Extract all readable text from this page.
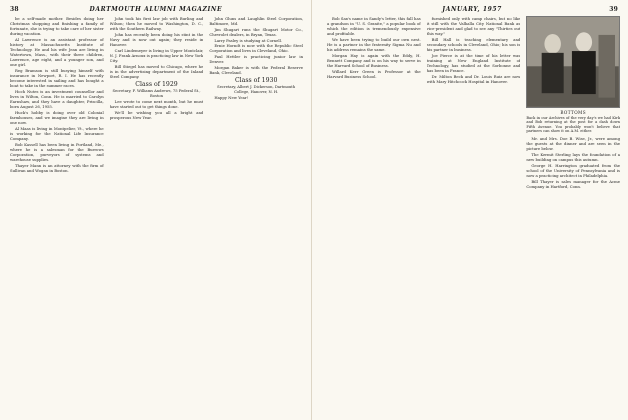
38	DARTMOUTH ALUMNI MAGAZINE

be a self-made mother. Besides doing her Christmas shopping and finishing a family of fortunate, she is trying to take care of her sister during vacation.

Al Lawrence is an assistant professor of history at Massachusetts Institute of Technology. He and his wife Jean are living in Watertown, Mass., with their three children, Lawrence, age eight, and a younger son, and one girl.

Reg Bramson is still busying himself with insurance in Newport, R. I. He has recently become interested in sailing and has bought a boat to take in the summer races.

Hoch Nutes is an investment counsellor and lives in Wilton, Conn. He is married to Carolyn Earnshaw, and they have a daughter, Priscilla, born August 26, 1955.

Huck's hobby is doing over old Colonial farmhouses, and we imagine they are living in one now.

Al Maas is living in Montpelier, Vt., where he is working for the National Life Insurance Company.

Bob Kassell has been living in Portland, Me., where he is a salesman for the Burrows Corporation, purveyors of systems and warehouse supplies.

Thayer Mann is an attorney with the firm of Sullivan and Wogan in Boston.

John took his first law job with Burling and Wilson; then he moved to Washington, D. C., with the Southern Railway.

John has recently been doing his stint in the Navy and is now out again; they reside in Hanover.

Carl Lindemeyer is living in Upper Montclair, N. J. Frank Arnoux is practicing law in New York City.

Bill Stiegel has moved to Chicago, where he is in the advertising department of the Inland Steel Company.

Class of 1929

Secretary, F. Williams Andrews, 75 Federal St., Boston

Lee wrote to come next month, but he must have started out to get things done.

We'll be wishing you all a bright and prosperous New Year.

John Gluns and Laughlin Steel Corporation, Baltimore, Md.

Jim Shugart runs the Shugart Motor Co., Chevrolet dealers, in Bryan, Texas.

Larry Pasley is studying at Cornell.

Ernie Horndt is now with the Republic Steel Corporation and lives in Cleveland, Ohio.

Paul Hettler is practicing junior law in Denver.

Morgan Baker is with the Federal Reserve Bank, Cleveland.

Class of 1930

Secretary, Albert J. Dickerson, Dartmouth College, Hanover, N. H.

Happy New Year!

JANUARY, 1957	39

Bob Sax's name in Sandy's letter, this fall has a grandson in "U. S. Granite," a popular book of which the edition is tremendously expensive and profitable.

We have been trying to build our own nest. He is a partner in the fraternity Sigma Nu and his address remains the same.

Morgan Hay is again with the Eddy, H. Bennett Company and is on his way to serve in the Harvard School of Business.

Willard Kerr Green is Professor at the Harvard Business School.

furnished only with camp chairs, but no like it still with the Valhalla City National Bank as vice-president and glad to see any "Thirties out this way."

Bill Hall is teaching elementary and secondary schools in Cleveland, Ohio; his son is his partner in business.

Joe Pierce is at the time of his letter was training at New England Institute of Technology, has studied at the Sorbonne and has been in France.

Dr. Milton Beck and Dr. Louis Ruiz are now with Mary Hitchcock Hospital in Hanover.

BOTTOMS
Back in our Archives of the very day's we had Kirk and Bob returning at the post for a dash down Fifth Avenue. You probably won't believe that partners can show it on A.M. either.

Mr. and Mrs. Doe B. Wise, Jr., were among the guests at the dinner and are seen in the picture below.

The Kermit Sterling lays the foundation of a new building on campus this autumn.

George H. Harrington graduated from the school of the University of Pennsylvania and is now a practicing architect in Philadelphia.

Bill Thayer is sales manager for the Acme Company in Hartford, Conn.
